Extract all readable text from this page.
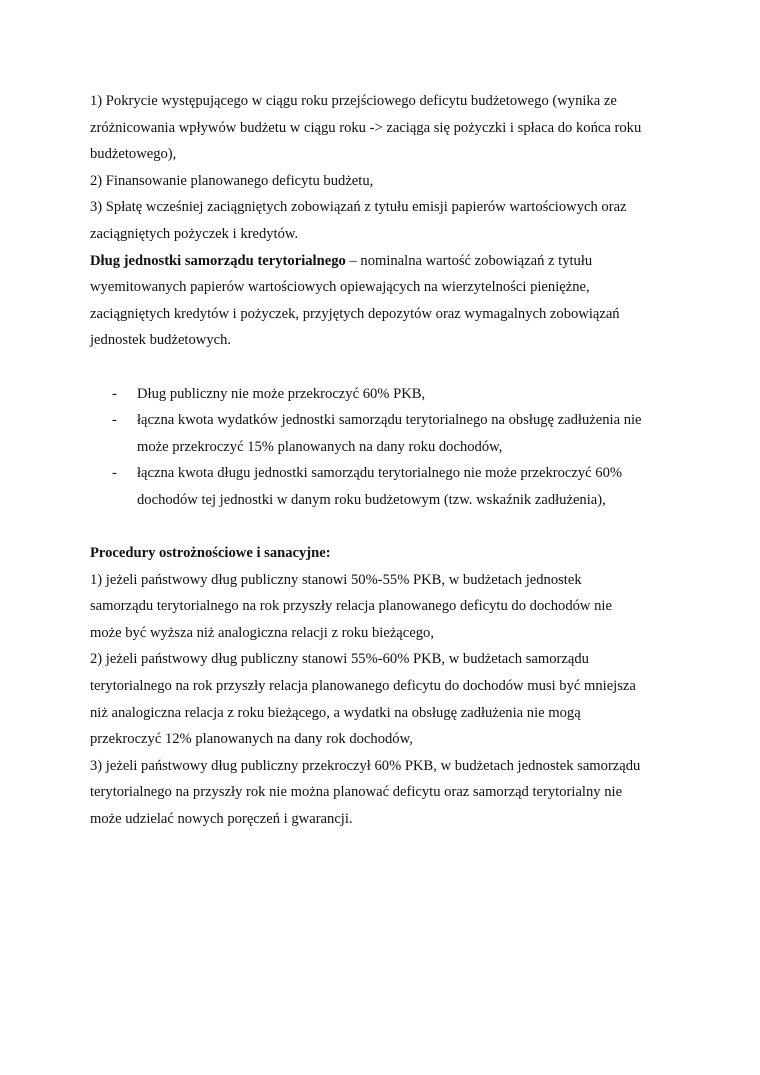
1) Pokrycie występującego w ciągu roku przejściowego deficytu budżetowego (wynika ze

zróżnicowania wpływów budżetu w ciągu roku -> zaciąga się pożyczki i spłaca do końca roku

budżetowego),

2) Finansowanie planowanego deficytu budżetu,

3) Spłatę wcześniej zaciągniętych zobowiązań z tytułu emisji papierów wartościowych oraz

zaciągniętych pożyczek i kredytów.

Dług jednostki samorządu terytorialnego – nominalna wartość zobowiązań z tytułu

wyemitowanych papierów wartościowych opiewających na wierzytelności pieniężne,

zaciągniętych kredytów i pożyczek, przyjętych depozytów oraz wymagalnych zobowiązań

jednostek budżetowych.

- Dług publiczny nie może przekroczyć 60% PKB,

- łączna kwota wydatków jednostki samorządu terytorialnego na obsługę zadłużenia nie

może przekroczyć 15% planowanych na dany roku dochodów,

- łączna kwota długu jednostki samorządu terytorialnego nie może przekroczyć 60%

dochodów tej jednostki w danym roku budżetowym (tzw. wskaźnik zadłużenia),

Procedury ostrożnościowe i sanacyjne:

1) jeżeli państwowy dług publiczny stanowi 50%-55% PKB, w budżetach jednostek

samorządu terytorialnego na rok przyszły relacja planowanego deficytu do dochodów nie

może być wyższa niż analogiczna relacji z roku bieżącego,

2) jeżeli państwowy dług publiczny stanowi 55%-60% PKB, w budżetach samorządu

terytorialnego na rok przyszły relacja planowanego deficytu do dochodów musi być mniejsza

niż analogiczna relacja z roku bieżącego, a wydatki na obsługę zadłużenia nie mogą

przekroczyć 12% planowanych na dany rok dochodów,

3) jeżeli państwowy dług publiczny przekroczył 60% PKB, w budżetach jednostek samorządu

terytorialnego na przyszły rok nie można planować deficytu oraz samorząd terytorialny nie

może udzielać nowych poręczeń i gwarancji.
